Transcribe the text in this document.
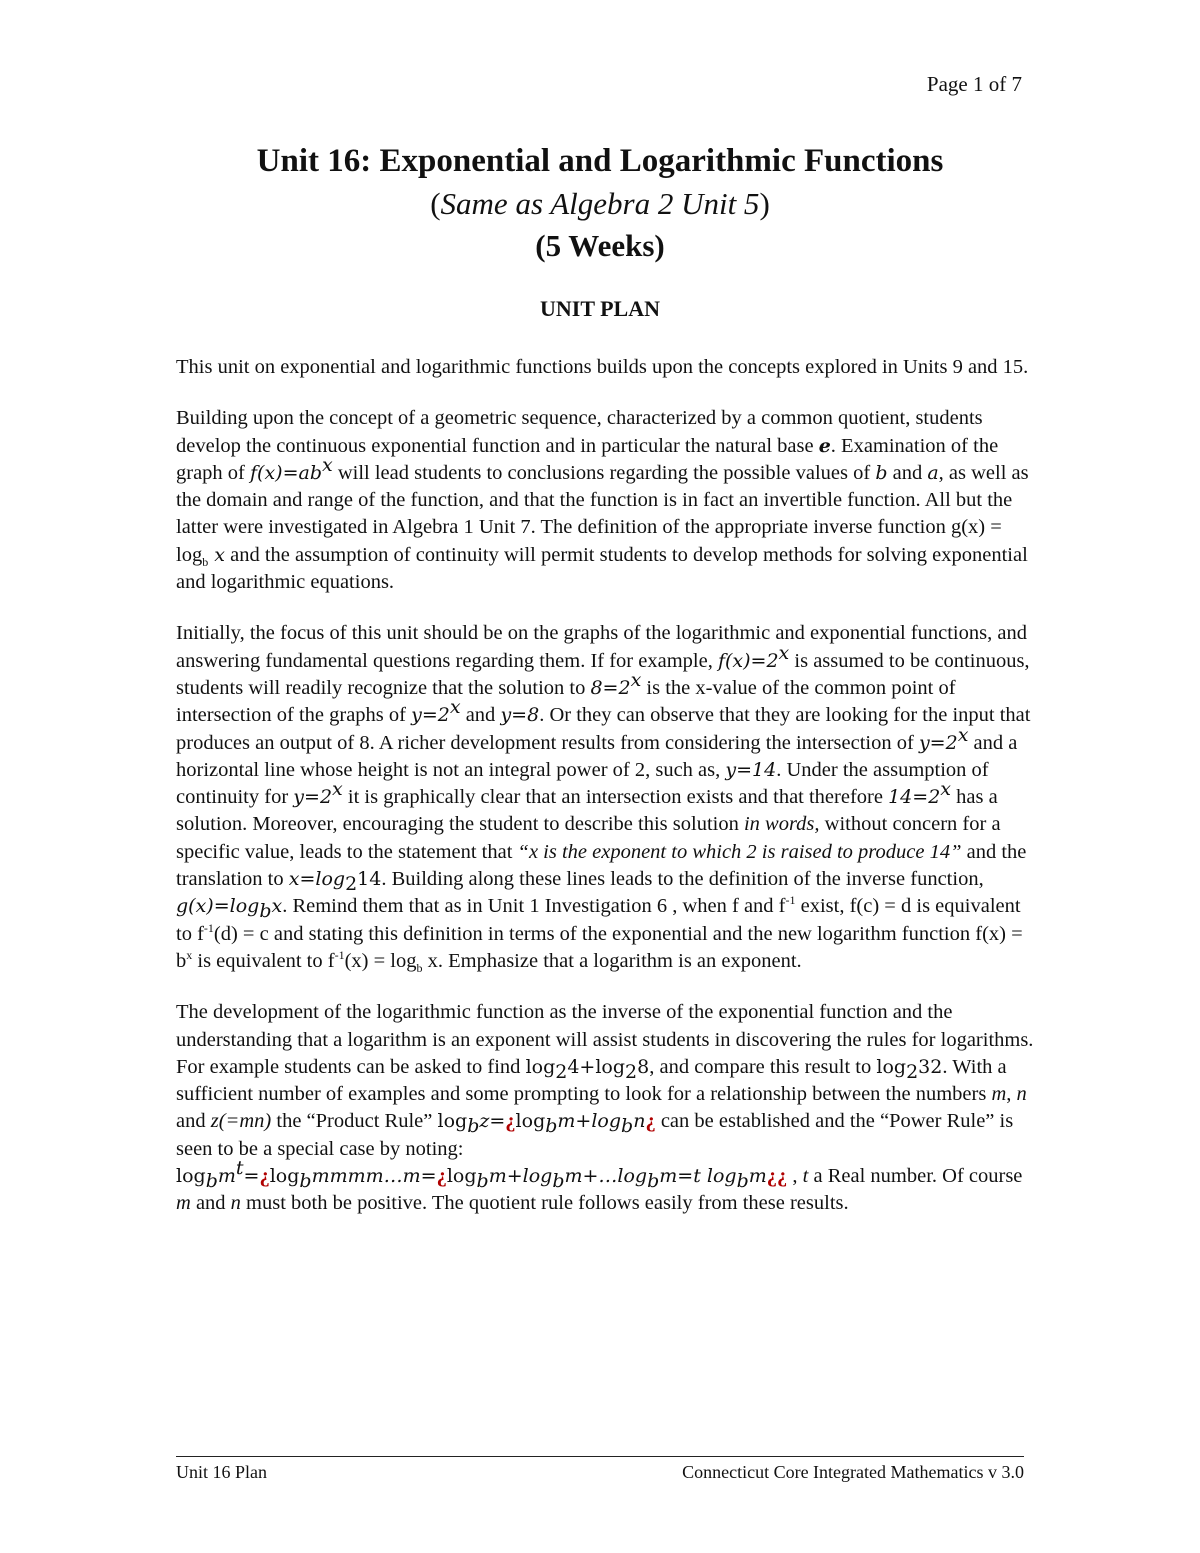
Page 1 of 7

Unit 16: Exponential and Logarithmic Functions

(Same as Algebra 2 Unit 5)

(5 Weeks)

UNIT PLAN

This unit on exponential and logarithmic functions builds upon the concepts explored in Units 9 and 15.

Building upon the concept of a geometric sequence, characterized by a common quotient, students develop the continuous exponential function and in particular the natural base e. Examination of the graph of $f(x)=ab^x$ will lead students to conclusions regarding the possible values of b and a, as well as the domain and range of the function, and that the function is in fact an invertible function. All but the latter were investigated in Algebra 1 Unit 7. The definition of the appropriate inverse function $g(x) = \log_b x$ and the assumption of continuity will permit students to develop methods for solving exponential and logarithmic equations.

Initially, the focus of this unit should be on the graphs of the logarithmic and exponential functions, and answering fundamental questions regarding them. If for example, $f(x)=2^x$ is assumed to be continuous, students will readily recognize that the solution to $8=2^x$ is the x-value of the common point of intersection of the graphs of $y=2^x$ and y=8. Or they can observe that they are looking for the input that produces an output of 8. A richer development results from considering the intersection of $y=2^x$ and a horizontal line whose height is not an integral power of 2, such as, y=14. Under the assumption of continuity for $y=2^x$ it is graphically clear that an intersection exists and that therefore $14=2^x$ has a solution. Moreover, encouraging the student to describe this solution in words, without concern for a specific value, leads to the statement that “x is the exponent to which 2 is raised to produce 14” and the translation to $x=\log_214$. Building along these lines leads to the definition of the inverse function, $g(x)=\log_bx$. Remind them that as in Unit 1 Investigation 6 , when f and $f^{-1}$ exist, f(c) = d is equivalent to $f^{-1}(d) = c$ and stating this definition in terms of the exponential and the new logarithm function $f(x) = b^x$ is equivalent to $f^{-1}(x) = \log_b x$. Emphasize that a logarithm is an exponent.

The development of the logarithmic function as the inverse of the exponential function and the understanding that a logarithm is an exponent will assist students in discovering the rules for logarithms. For example students can be asked to find $\log_24+\log_28$, and compare this result to $\log_232$. With a sufficient number of examples and some prompting to look for a relationship between the numbers m, n and z(=mn) the “Product Rule” $\log_bz=¿\log_bm+\log_bn¿$ can be established and the “Power Rule” is seen to be a special case by noting:
$\log_bm^t=¿\log_bmmmm\dots m=¿\log_bm+\log_bm+\dots\log_bm=t$ $\log_bm¿¿$ , t a Real number. Of course m and n must both be positive. The quotient rule follows easily from these results.

Unit 16 Plan	Connecticut Core Integrated Mathematics v 3.0
